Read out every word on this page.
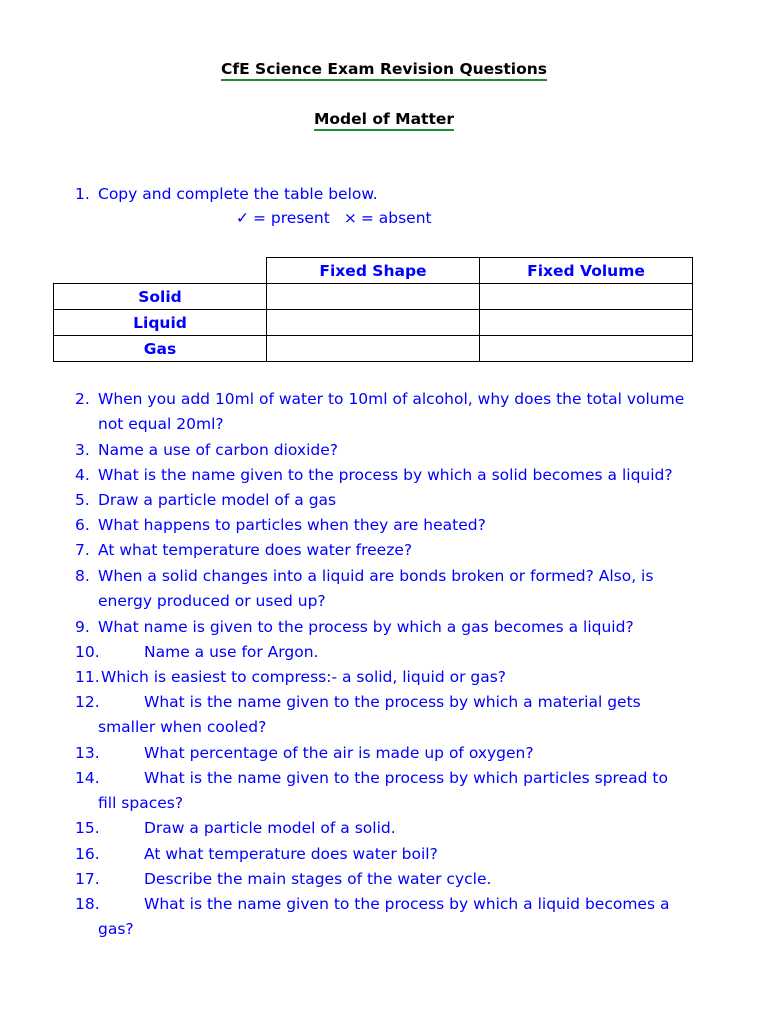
CfE Science Exam Revision Questions
Model of Matter
1. Copy and complete the table below.
✓ = present × = absent
	Fixed Shape	Fixed Volume
Solid		
Liquid		
Gas		
2. When you add 10ml of water to 10ml of alcohol, why does the total volume
not equal 20ml?
3. Name a use of carbon dioxide?
4. What is the name given to the process by which a solid becomes a liquid?
5. Draw a particle model of a gas
6. What happens to particles when they are heated?
7. At what temperature does water freeze?
8. When a solid changes into a liquid are bonds broken or formed? Also, is
energy produced or used up?
9. What name is given to the process by which a gas becomes a liquid?
10.	Name a use for Argon.
11. Which is easiest to compress:- a solid, liquid or gas?
12.	What is the name given to the process by which a material gets
smaller when cooled?
13.	What percentage of the air is made up of oxygen?
14.	What is the name given to the process by which particles spread to
fill spaces?
15.	Draw a particle model of a solid.
16.	At what temperature does water boil?
17.	Describe the main stages of the water cycle.
18.	What is the name given to the process by which a liquid becomes a
gas?
